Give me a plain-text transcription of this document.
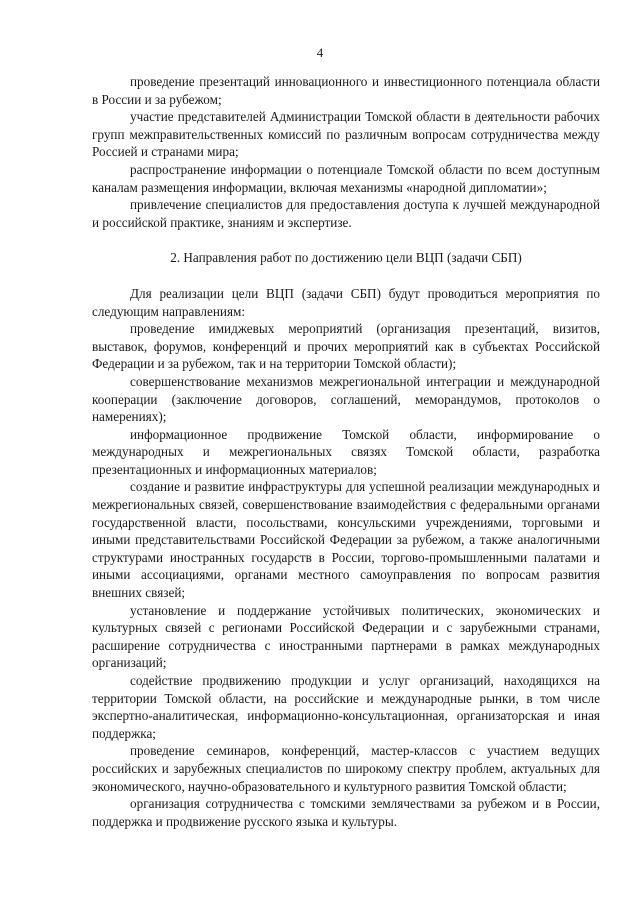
4

проведение презентаций инновационного и инвестиционного потенциала области в России и за рубежом;

участие представителей Администрации Томской области в деятельности рабочих групп межправительственных комиссий по различным вопросам сотрудничества между Россией и странами мира;

распространение информации о потенциале Томской области по всем доступным каналам размещения информации, включая механизмы «народной дипломатии»;

привлечение специалистов для предоставления доступа к лучшей международной и российской практике, знаниям и экспертизе.

2. Направления работ по достижению цели ВЦП (задачи СБП)

Для реализации цели ВЦП (задачи СБП) будут проводиться мероприятия по следующим направлениям:

проведение имиджевых мероприятий (организация презентаций, визитов, выставок, форумов, конференций и прочих мероприятий как в субъектах Российской Федерации и за рубежом, так и на территории Томской области);

совершенствование механизмов межрегиональной интеграции и международной кооперации (заключение договоров, соглашений, меморандумов, протоколов о намерениях);

информационное продвижение Томской области, информирование о международных и межрегиональных связях Томской области, разработка презентационных и информационных материалов;

создание и развитие инфраструктуры для успешной реализации международных и межрегиональных связей, совершенствование взаимодействия с федеральными органами государственной власти, посольствами, консульскими учреждениями, торговыми и иными представительствами Российской Федерации за рубежом, а также аналогичными структурами иностранных государств в России, торгово-промышленными палатами и иными ассоциациями, органами местного самоуправления по вопросам развития внешних связей;

установление и поддержание устойчивых политических, экономических и культурных связей с регионами Российской Федерации и с зарубежными странами, расширение сотрудничества с иностранными партнерами в рамках международных организаций;

содействие продвижению продукции и услуг организаций, находящихся на территории Томской области, на российские и международные рынки, в том числе экспертно-аналитическая, информационно-консультационная, организаторская и иная поддержка;

проведение семинаров, конференций, мастер-классов с участием ведущих российских и зарубежных специалистов по широкому спектру проблем, актуальных для экономического, научно-образовательного и культурного развития Томской области;

организация сотрудничества с томскими землячествами за рубежом и в России, поддержка и продвижение русского языка и культуры.
